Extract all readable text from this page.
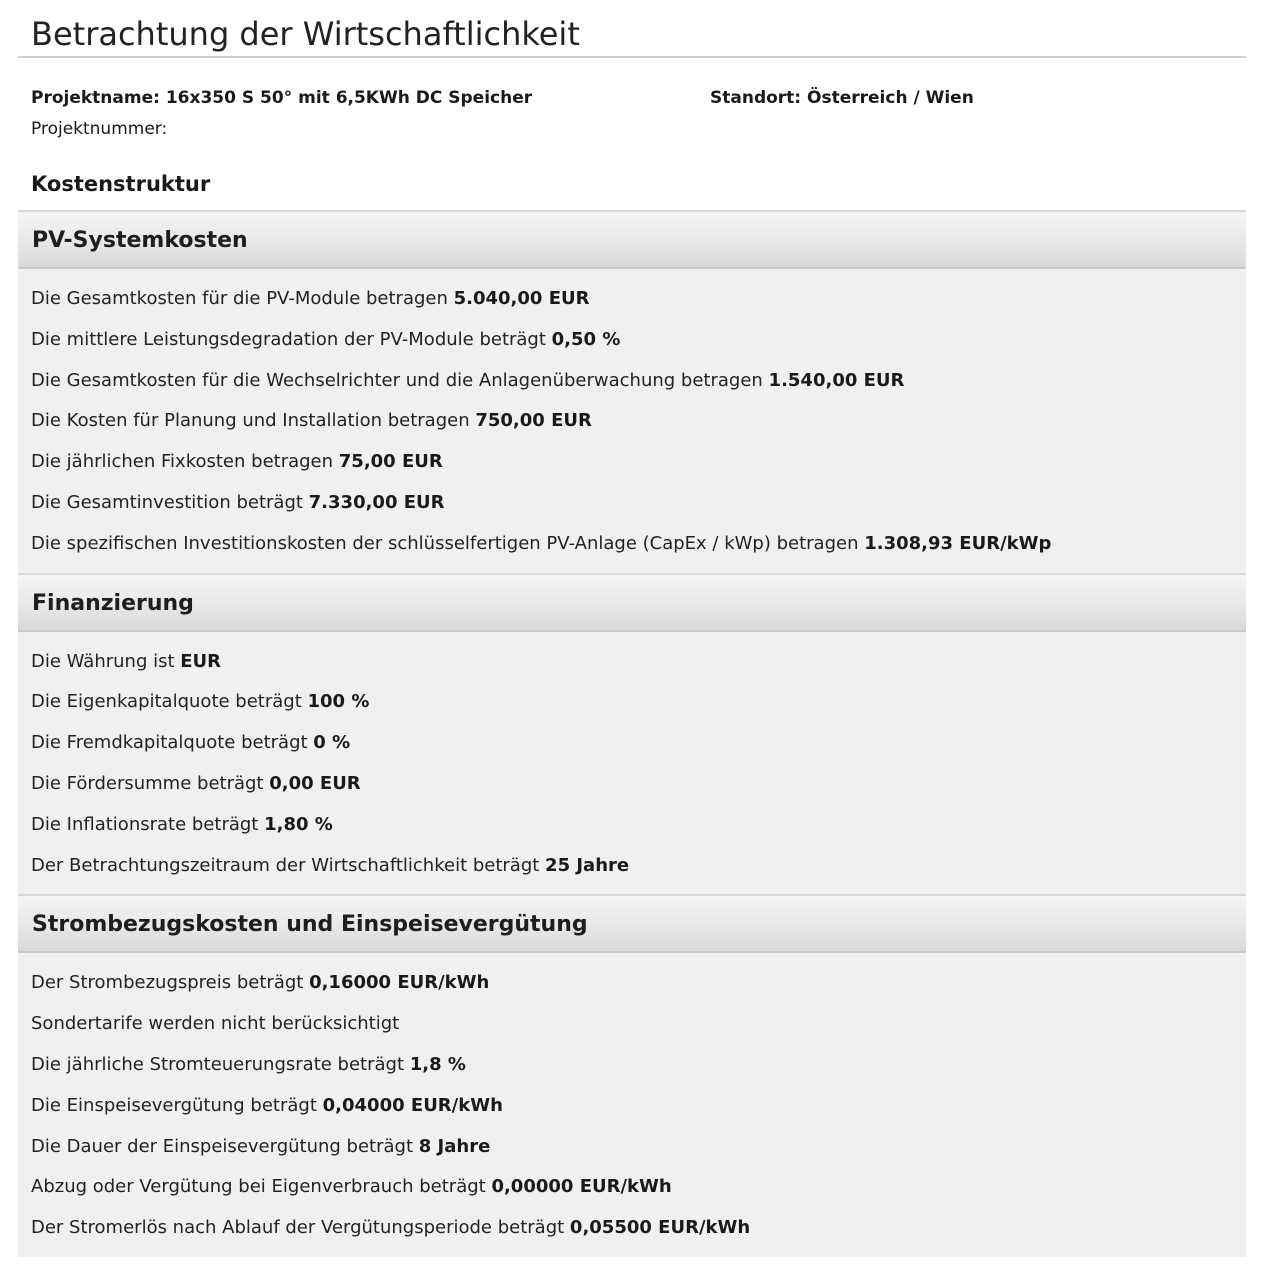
Betrachtung der Wirtschaftlichkeit
Projektname: 16x350 S 50° mit 6,5KWh DC Speicher	Standort: Österreich / Wien
Projektnummer:
Kostenstruktur
PV-Systemkosten
Die Gesamtkosten für die PV-Module betragen 5.040,00 EUR
Die mittlere Leistungsdegradation der PV-Module beträgt 0,50 %
Die Gesamtkosten für die Wechselrichter und die Anlagenüberwachung betragen 1.540,00 EUR
Die Kosten für Planung und Installation betragen 750,00 EUR
Die jährlichen Fixkosten betragen 75,00 EUR
Die Gesamtinvestition beträgt 7.330,00 EUR
Die spezifischen Investitionskosten der schlüsselfertigen PV-Anlage (CapEx / kWp) betragen 1.308,93 EUR/kWp
Finanzierung
Die Währung ist EUR
Die Eigenkapitalquote beträgt 100 %
Die Fremdkapitalquote beträgt 0 %
Die Fördersumme beträgt 0,00 EUR
Die Inflationsrate beträgt 1,80 %
Der Betrachtungszeitraum der Wirtschaftlichkeit beträgt 25 Jahre
Strombezugskosten und Einspeisevergütung
Der Strombezugspreis beträgt 0,16000 EUR/kWh
Sondertarife werden nicht berücksichtigt
Die jährliche Stromteuerungsrate beträgt 1,8 %
Die Einspeisevergütung beträgt 0,04000 EUR/kWh
Die Dauer der Einspeisevergütung beträgt 8 Jahre
Abzug oder Vergütung bei Eigenverbrauch beträgt 0,00000 EUR/kWh
Der Stromerlös nach Ablauf der Vergütungsperiode beträgt 0,05500 EUR/kWh
